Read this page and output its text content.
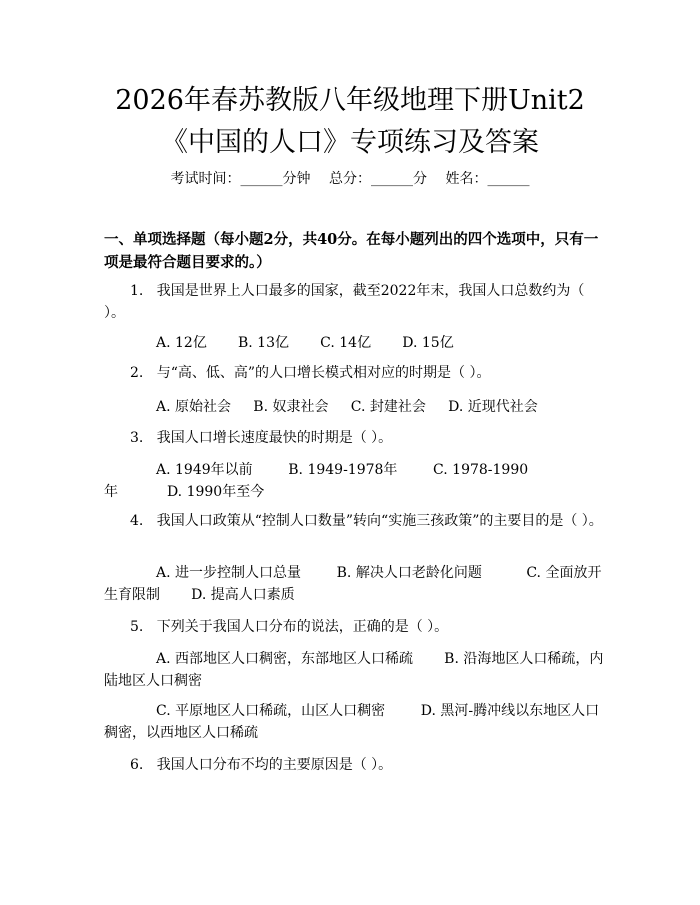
2026年春苏教版八年级地理下册Unit2《中国的人口》专项练习及答案
考试时间：______分钟 总分：______分 姓名：______
一、单项选择题（每小题2分，共40分。在每小题列出的四个选项中，只有一项是最符合题目要求的。）
1. 我国是世界上人口最多的国家，截至2022年末，我国人口总数约为（ ）。
A. 12亿 B. 13亿 C. 14亿 D. 15亿
2. 与“高、低、高”的人口增长模式相对应的时期是（ ）。
A. 原始社会 B. 奴隶社会 C. 封建社会 D. 近现代社会
3. 我国人口增长速度最快的时期是（ ）。
A. 1949年以前	B. 1949-1978年	C. 1978-1990年	D. 1990年至今
4. 我国人口政策从“控制人口数量”转向“实施三孩政策”的主要目的是（ ）。
A. 进一步控制人口总量	B. 解决人口老龄化问题	C. 全面放开生育限制 D. 提高人口素质
5. 下列关于我国人口分布的说法，正确的是（ ）。
A. 西部地区人口稠密，东部地区人口稀疏 B. 沿海地区人口稀疏，内陆地区人口稠密
C. 平原地区人口稀疏，山区人口稠密	D. 黑河-腾冲线以东地区人口稠密，以西地区人口稀疏
6. 我国人口分布不均的主要原因是（ ）。
